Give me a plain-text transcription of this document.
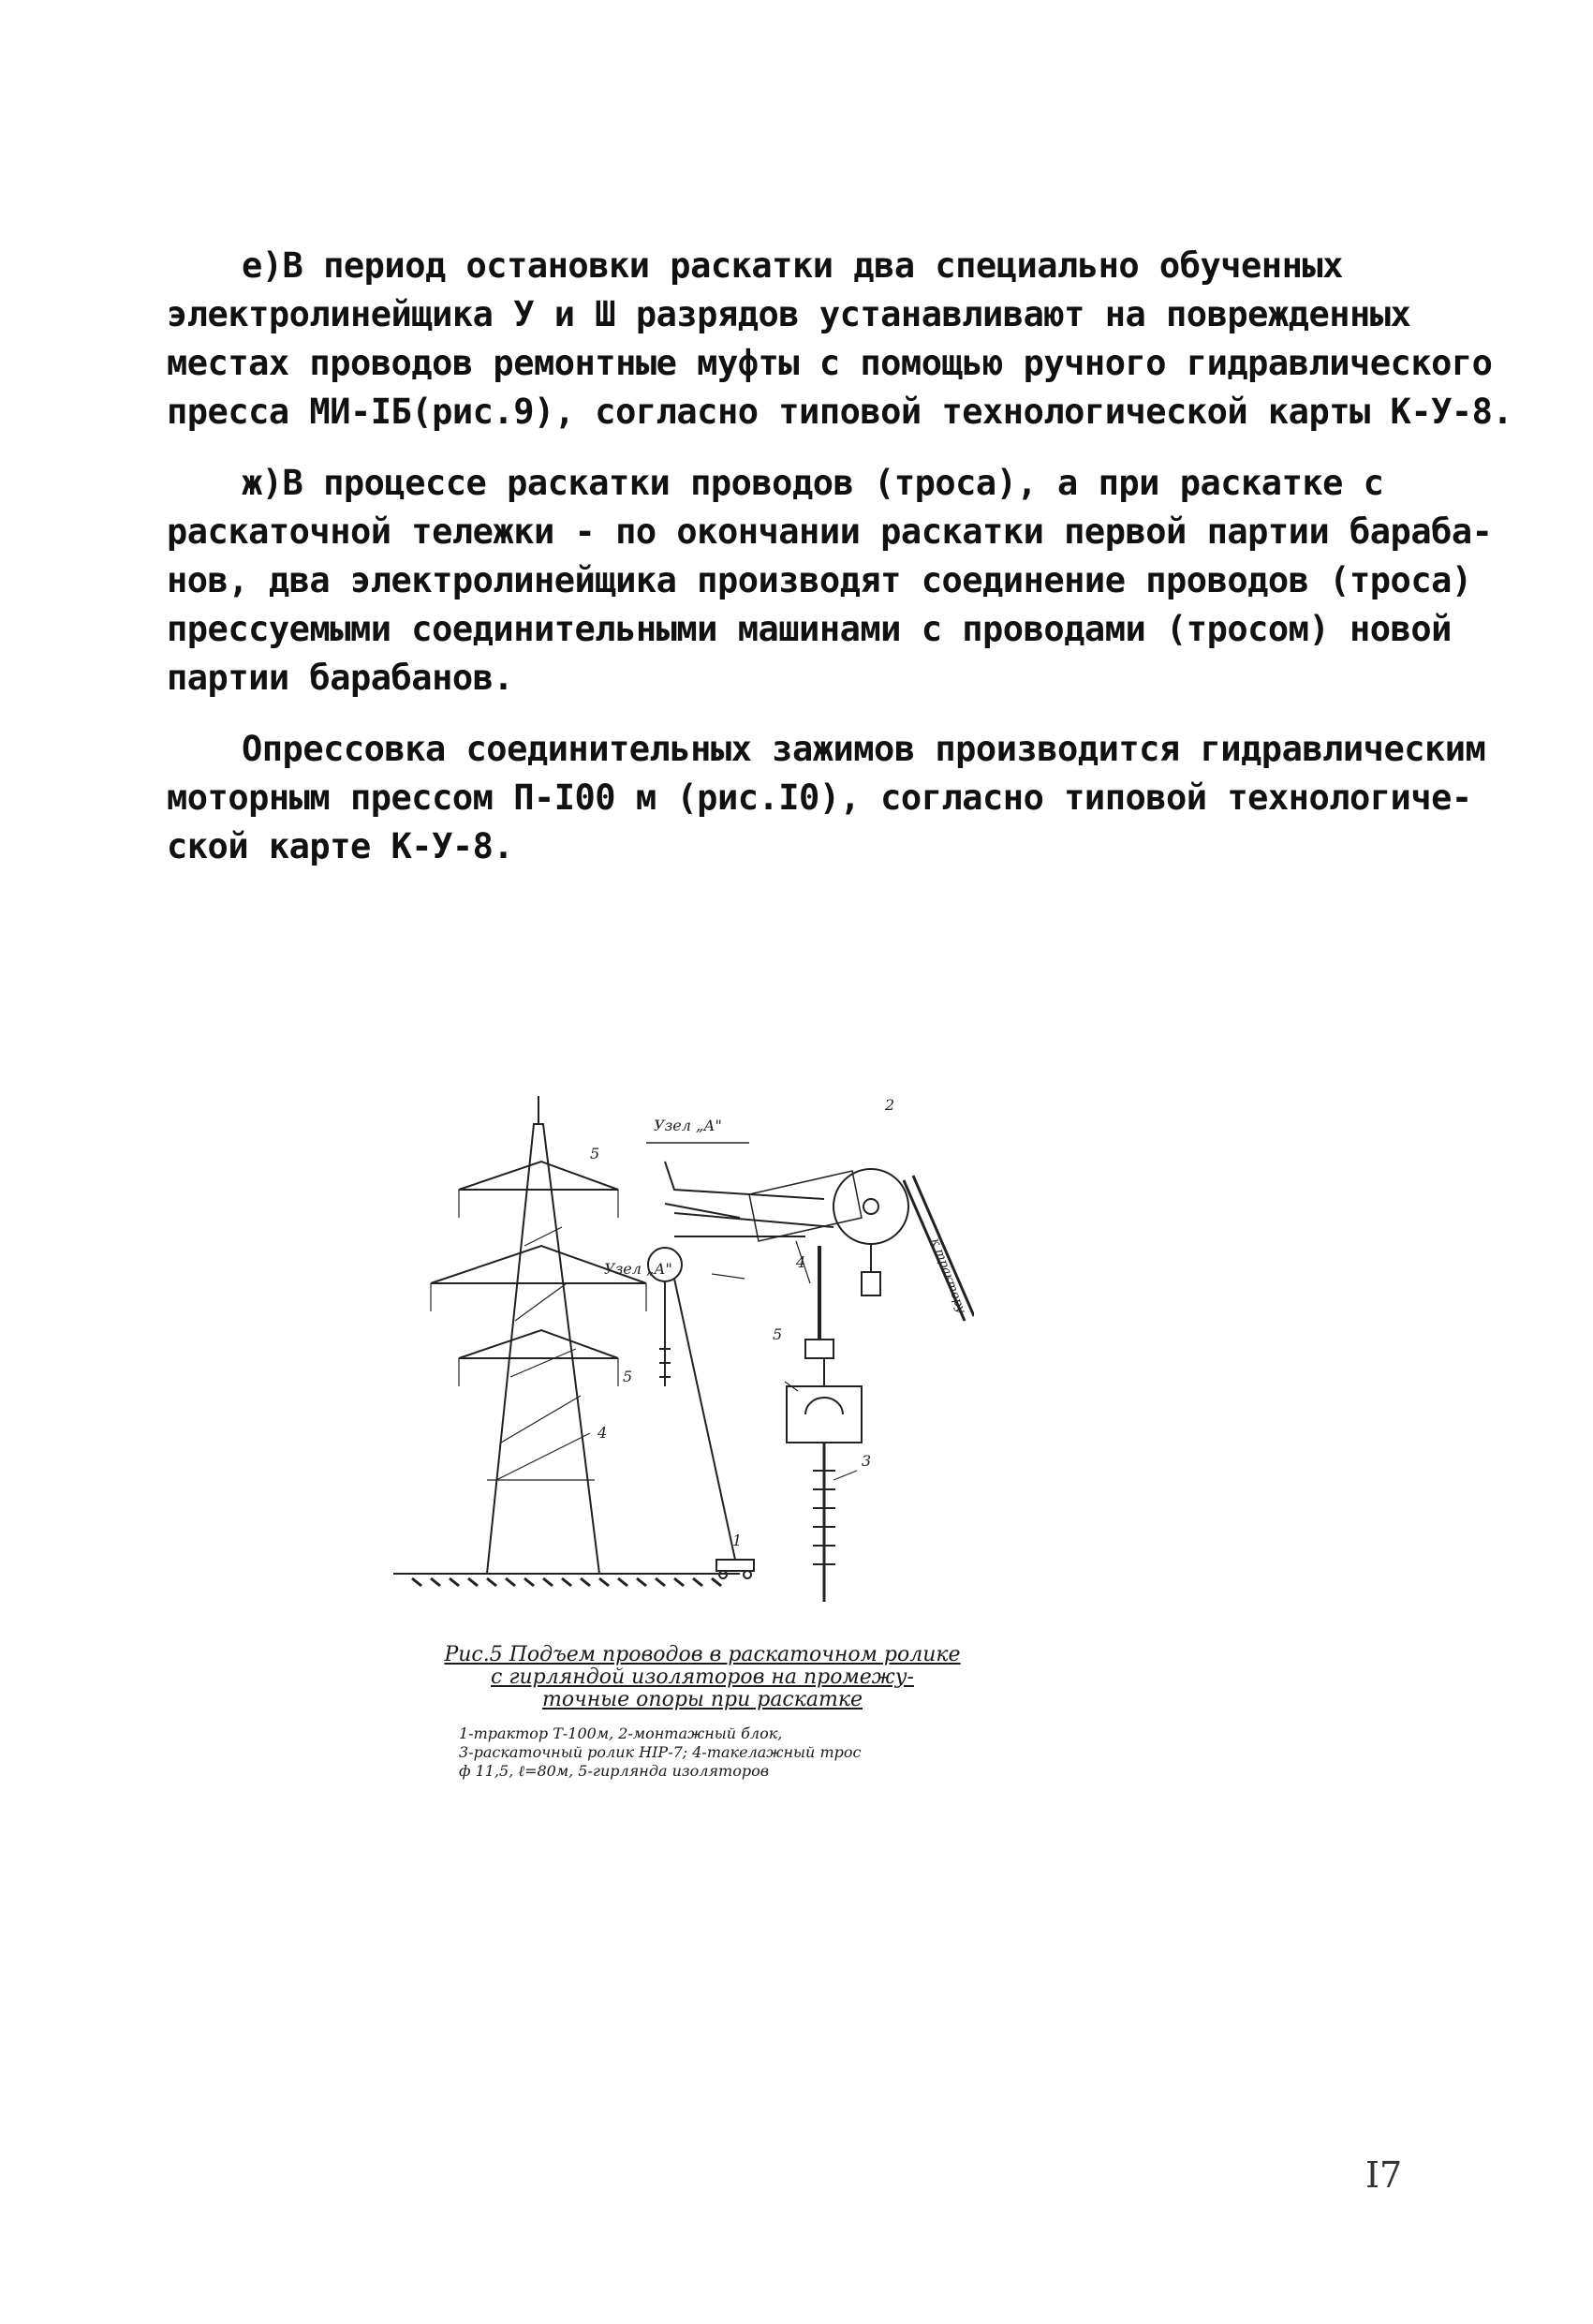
е)В период остановки раскатки два специально обученных
электролинейщика У и Ш разрядов устанавливают на поврежденных
местах проводов ремонтные муфты с помощью ручного гидравлического
пресса МИ-IБ(рис.9), согласно типовой технологической карты К-У-8.

ж)В процессе раскатки проводов (троса), а при раскатке с
раскаточной тележки - по окончании раскатки первой партии бараба-
нов, два электролинейщика производят соединение проводов (троса)
прессуемыми соединительными машинами с проводами (тросом) новой
партии барабанов.

Опрессовка соединительных зажимов производится гидравлическим
моторным прессом П-I00 м (рис.I0), согласно типовой технологиче-
ской карте К-У-8.

Узел „А"
Узел „А"	к трактору
1
2
3
4
4
5
5
5
Рис.5 Подъем проводов в раскаточном ролике
с гирляндой изоляторов на промежу-
точные опоры при раскатке
1-трактор Т-100м, 2-монтажный блок,
3-раскаточный ролик НIР-7; 4-такелажный трос
ф 11,5, ℓ=80м, 5-гирлянда изоляторов
I7
